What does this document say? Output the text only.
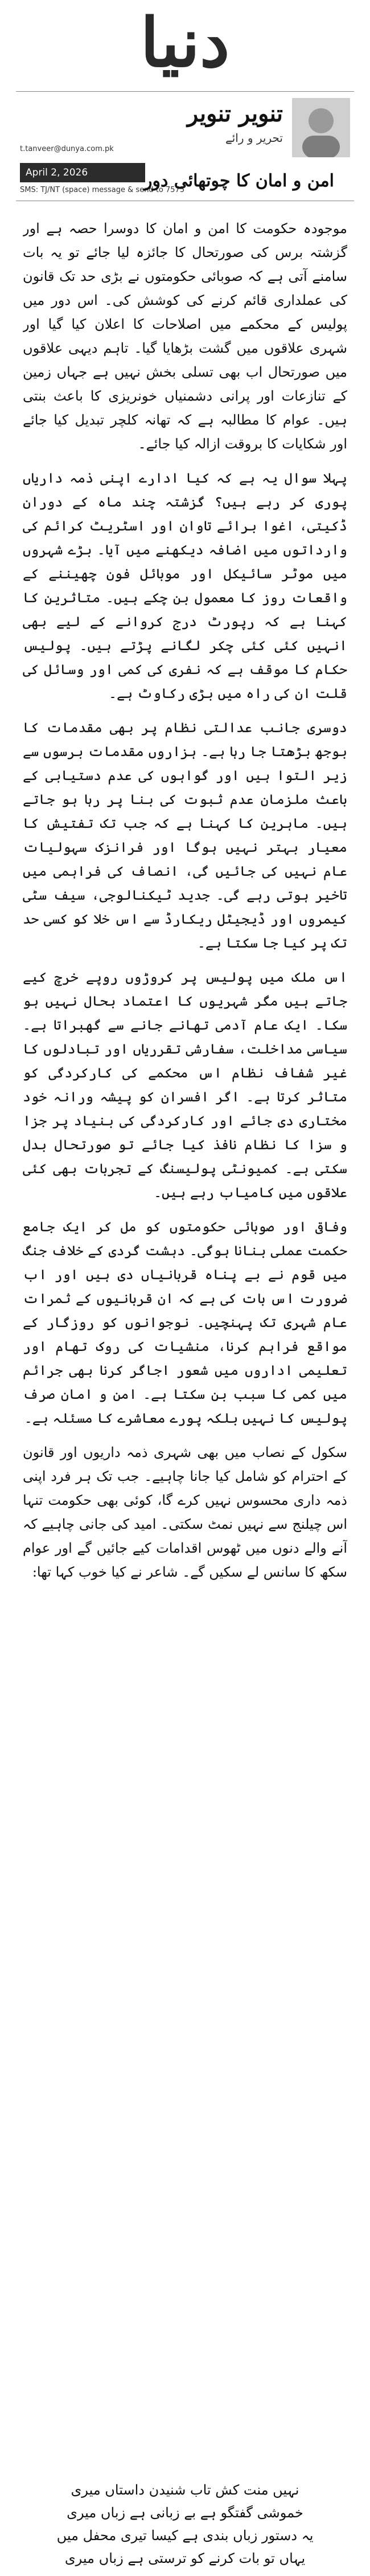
دنیا
تنویر تنویر
تحریر و رائے
t.tanveer@dunya.com.pk
April 2, 2026
SMS: TJ/NT (space) message & send to 7575
امن و امان کا چوتھائی دور

موجودہ حکومت کا امن و امان کا دوسرا حصہ ہے اور گزشتہ برس کی صورتحال کا جائزہ لیا جائے تو یہ بات سامنے آتی ہے کہ صوبائی حکومتوں نے بڑی حد تک قانون کی عملداری قائم کرنے کی کوشش کی۔ اس دور میں پولیس کے محکمے میں اصلاحات کا اعلان کیا گیا اور شہری علاقوں میں گشت بڑھایا گیا۔ تاہم دیہی علاقوں میں صورتحال اب بھی تسلی بخش نہیں ہے جہاں زمین کے تنازعات اور پرانی دشمنیاں خونریزی کا باعث بنتی ہیں۔ عوام کا مطالبہ ہے کہ تھانہ کلچر تبدیل کیا جائے اور شکایات کا بروقت ازالہ کیا جائے۔

پہلا سوال یہ ہے کہ کیا ادارے اپنی ذمہ داریاں پوری کر رہے ہیں؟ گزشتہ چند ماہ کے دوران ڈکیتی، اغوا برائے تاوان اور اسٹریٹ کرائم کی وارداتوں میں اضافہ دیکھنے میں آیا۔ بڑے شہروں میں موٹر سائیکل اور موبائل فون چھیننے کے واقعات روز کا معمول بن چکے ہیں۔ متاثرین کا کہنا ہے کہ رپورٹ درج کروانے کے لیے بھی انہیں کئی کئی چکر لگانے پڑتے ہیں۔ پولیس حکام کا موقف ہے کہ نفری کی کمی اور وسائل کی قلت ان کی راہ میں بڑی رکاوٹ ہے۔

دوسری جانب عدالتی نظام پر بھی مقدمات کا بوجھ بڑھتا جا رہا ہے۔ ہزاروں مقدمات برسوں سے زیر التوا ہیں اور گواہوں کی عدم دستیابی کے باعث ملزمان عدم ثبوت کی بنا پر رہا ہو جاتے ہیں۔ ماہرین کا کہنا ہے کہ جب تک تفتیش کا معیار بہتر نہیں ہوگا اور فرانزک سہولیات عام نہیں کی جائیں گی، انصاف کی فراہمی میں تاخیر ہوتی رہے گی۔ جدید ٹیکنالوجی، سیف سٹی کیمروں اور ڈیجیٹل ریکارڈ سے اس خلا کو کسی حد تک پر کیا جا سکتا ہے۔

اس ملک میں پولیس پر کروڑوں روپے خرچ کیے جاتے ہیں مگر شہریوں کا اعتماد بحال نہیں ہو سکا۔ ایک عام آدمی تھانے جانے سے گھبراتا ہے۔ سیاسی مداخلت، سفارشی تقرریاں اور تبادلوں کا غیر شفاف نظام اس محکمے کی کارکردگی کو متاثر کرتا ہے۔ اگر افسران کو پیشہ ورانہ خود مختاری دی جائے اور کارکردگی کی بنیاد پر جزا و سزا کا نظام نافذ کیا جائے تو صورتحال بدل سکتی ہے۔ کمیونٹی پولیسنگ کے تجربات بھی کئی علاقوں میں کامیاب رہے ہیں۔

وفاقی اور صوبائی حکومتوں کو مل کر ایک جامع حکمت عملی بنانا ہوگی۔ دہشت گردی کے خلاف جنگ میں قوم نے بے پناہ قربانیاں دی ہیں اور اب ضرورت اس بات کی ہے کہ ان قربانیوں کے ثمرات عام شہری تک پہنچیں۔ نوجوانوں کو روزگار کے مواقع فراہم کرنا، منشیات کی روک تھام اور تعلیمی اداروں میں شعور اجاگر کرنا بھی جرائم میں کمی کا سبب بن سکتا ہے۔ امن و امان صرف پولیس کا نہیں بلکہ پورے معاشرے کا مسئلہ ہے۔

سکول کے نصاب میں بھی شہری ذمہ داریوں اور قانون کے احترام کو شامل کیا جانا چاہیے۔ جب تک ہر فرد اپنی ذمہ داری محسوس نہیں کرے گا، کوئی بھی حکومت تنہا اس چیلنج سے نہیں نمٹ سکتی۔ امید کی جانی چاہیے کہ آنے والے دنوں میں ٹھوس اقدامات کیے جائیں گے اور عوام سکھ کا سانس لے سکیں گے۔ شاعر نے کیا خوب کہا تھا:

نہیں منت کش تاب شنیدن داستاں میری
خموشی گفتگو ہے بے زبانی ہے زباں میری
یہ دستور زباں بندی ہے کیسا تیری محفل میں
یہاں تو بات کرنے کو ترستی ہے زباں میری
